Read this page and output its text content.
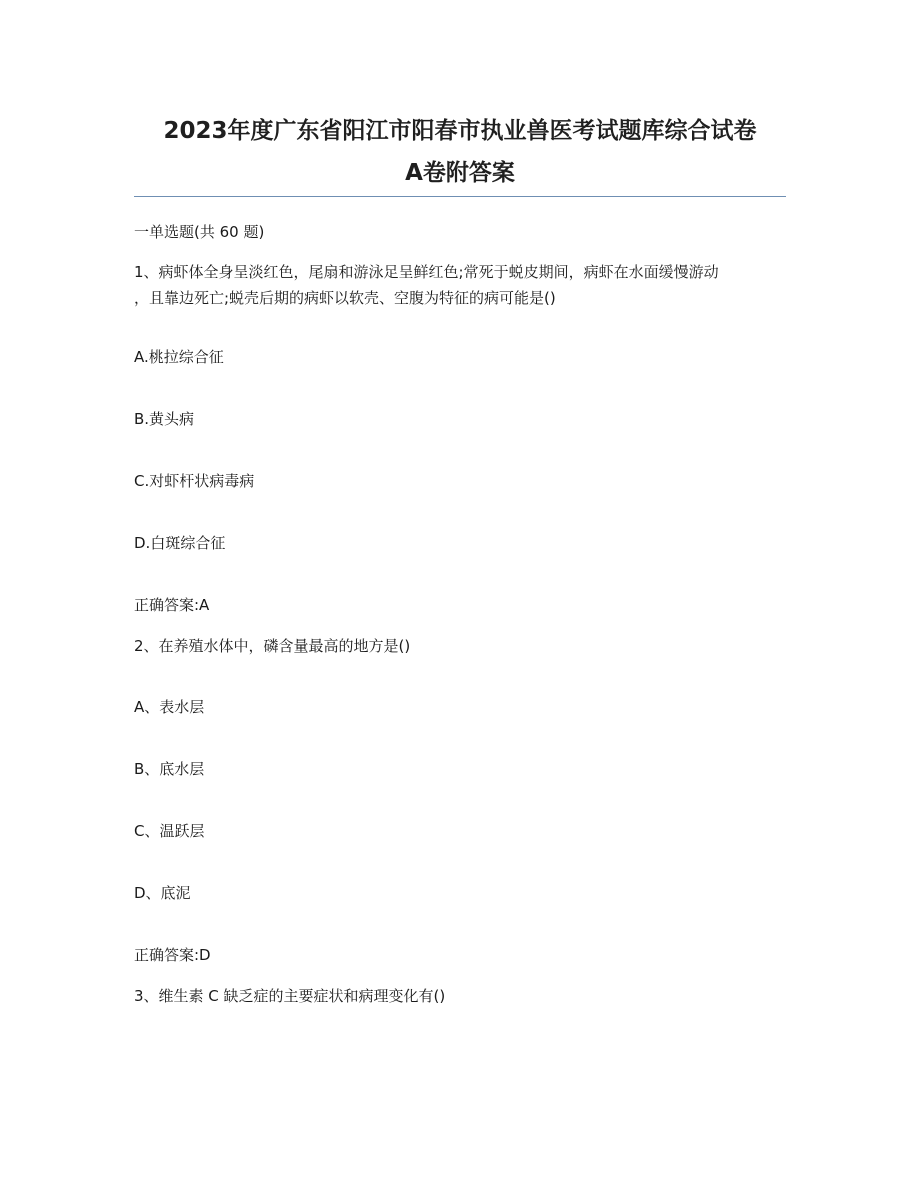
2023年度广东省阳江市阳春市执业兽医考试题库综合试卷
A卷附答案
一单选题(共 60 题)
1、病虾体全身呈淡红色，尾扇和游泳足呈鲜红色;常死于蜕皮期间，病虾在水面缓慢游动
，且靠边死亡;蜕壳后期的病虾以软壳、空腹为特征的病可能是()
A.桃拉综合征
B.黄头病
C.对虾杆状病毒病
D.白斑综合征
正确答案:A
2、在养殖水体中，磷含量最高的地方是()
A、表水层
B、底水层
C、温跃层
D、底泥
正确答案:D
3、维生素 C 缺乏症的主要症状和病理变化有()
